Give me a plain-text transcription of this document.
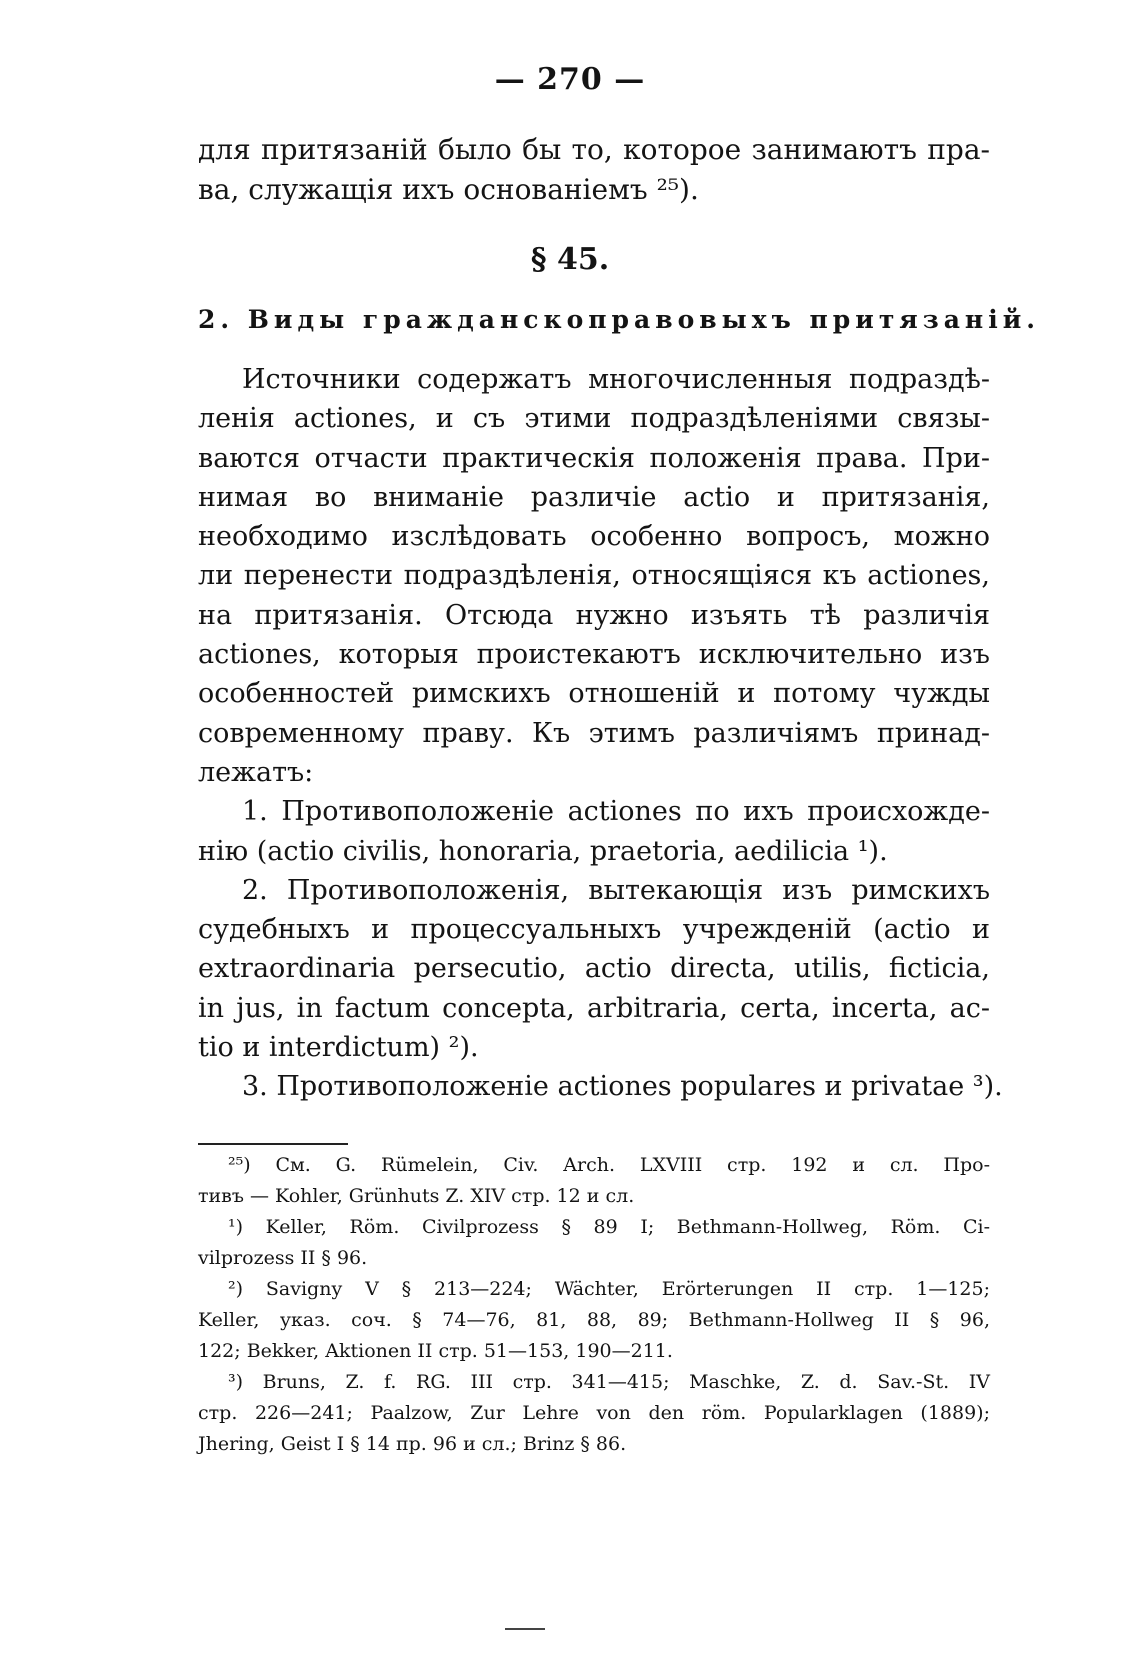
— 270 —
для притязаній было бы то, которое занимаютъ пра-
ва, служащія ихъ основаніемъ ²⁵).
§ 45.
2. Виды гражданскоправовыхъ притязаній.
Источники содержатъ многочисленныя подраздѣ-
ленія actiones, и съ этими подраздѣленіями связы-
ваются отчасти практическія положенія права. При-
нимая во вниманіе различіе actio и притязанія,
необходимо изслѣдовать особенно вопросъ, можно
ли перенести подраздѣленія, относящіяся къ actiones,
на притязанія. Отсюда нужно изъять тѣ различія
actiones, которыя проистекаютъ исключительно изъ
особенностей римскихъ отношеній и потому чужды
современному праву. Къ этимъ различіямъ принад-
лежатъ:
1. Противоположеніе actiones по ихъ происхожде-
нію (actio civilis, honoraria, praetoria, aedilicia ¹).
2. Противоположенія, вытекающія изъ римскихъ
судебныхъ и процессуальныхъ учрежденій (actio и
extraordinaria persecutio, actio directa, utilis, ficticia,
in jus, in factum concepta, arbitraria, certa, incerta, ac-
tio и interdictum) ²).
3. Противоположеніе actiones populares и privatae ³).
²⁵) См. G. Rümelein, Civ. Arch. LXVIII стр. 192 и сл. Про-
тивъ — Kohler, Grünhuts Z. XIV стр. 12 и сл.
¹) Keller, Röm. Civilprozess § 89 I; Bethmann-Hollweg, Röm. Ci-
vilprozess II § 96.
²) Savigny V § 213—224; Wächter, Erörterungen II стр. 1—125;
Keller, указ. соч. § 74—76, 81, 88, 89; Bethmann-Hollweg II § 96,
122; Bekker, Aktionen II стр. 51—153, 190—211.
³) Bruns, Z. f. RG. III стр. 341—415; Maschke, Z. d. Sav.-St. IV
стр. 226—241; Paalzow, Zur Lehre von den röm. Popularklagen (1889);
Jhering, Geist I § 14 пр. 96 и сл.; Brinz § 86.
